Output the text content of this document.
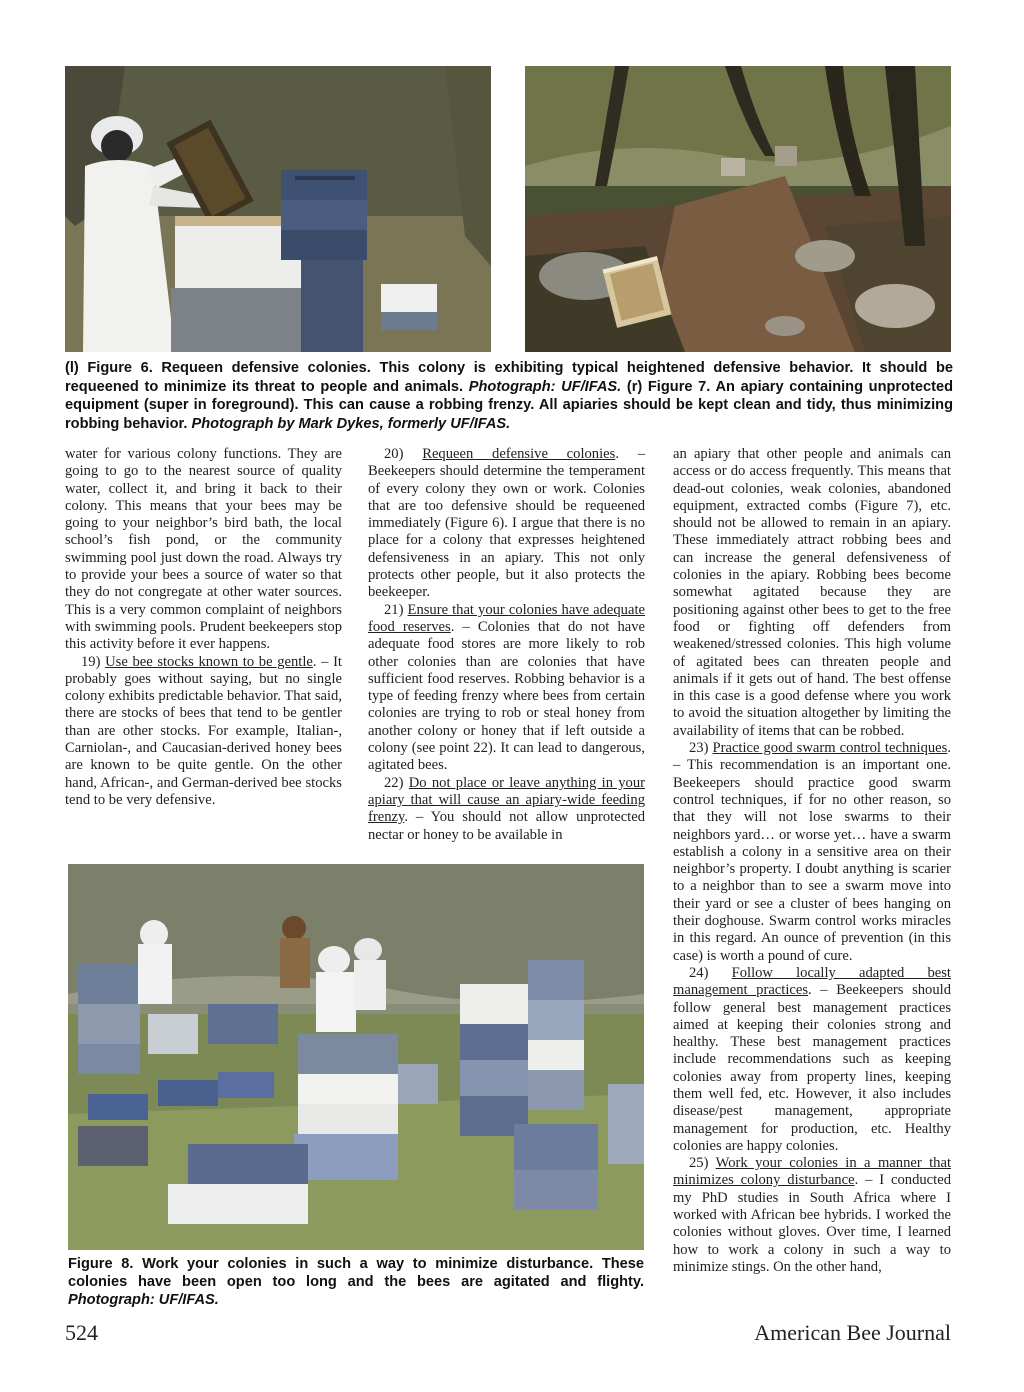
(l) Figure 6. Requeen defensive colonies. This colony is exhibiting typical heightened defensive behavior. It should be requeened to minimize its threat to people and animals. Photograph: UF/IFAS. (r) Figure 7. An apiary containing unprotected equipment (super in foreground). This can cause a robbing frenzy. All apiaries should be kept clean and tidy, thus minimizing robbing behavior. Photograph by Mark Dykes, formerly UF/IFAS.

water for various colony functions. They are going to go to the nearest source of quality water, collect it, and bring it back to their colony. This means that your bees may be going to your neighbor’s bird bath, the local school’s fish pond, or the community swimming pool just down the road. Always try to provide your bees a source of water so that they do not congregate at other water sources. This is a very common complaint of neighbors with swimming pools. Prudent beekeepers stop this activity before it ever happens.

19) Use bee stocks known to be gentle. – It probably goes without saying, but no single colony exhibits predictable behavior. That said, there are stocks of bees that tend to be gentler than are other stocks. For example, Italian-, Carniolan-, and Caucasian-derived honey bees are known to be quite gentle. On the other hand, African-, and German-derived bee stocks tend to be very defensive.

20) Requeen defensive colonies. – Beekeepers should determine the temperament of every colony they own or work. Colonies that are too defensive should be requeened immediately (Figure 6). I argue that there is no place for a colony that expresses heightened defensiveness in an apiary. This not only protects other people, but it also protects the beekeeper.

21) Ensure that your colonies have adequate food reserves. – Colonies that do not have adequate food stores are more likely to rob other colonies than are colonies that have sufficient food reserves. Robbing behavior is a type of feeding frenzy where bees from certain colonies are trying to rob or steal honey from another colony or honey that if left outside a colony (see point 22). It can lead to dangerous, agitated bees.

22) Do not place or leave anything in your apiary that will cause an apiary-wide feeding frenzy. – You should not allow unprotected nectar or honey to be available in

an apiary that other people and animals can access or do access frequently. This means that dead-out colonies, weak colonies, abandoned equipment, extracted combs (Figure 7), etc. should not be allowed to remain in an apiary. These immediately attract robbing bees and can increase the general defensiveness of colonies in the apiary. Robbing bees become somewhat agitated because they are positioning against other bees to get to the free food or fighting off defenders from weakened/stressed colonies. This high volume of agitated bees can threaten people and animals if it gets out of hand. The best offense in this case is a good defense where you work to avoid the situation altogether by limiting the availability of items that can be robbed.

23) Practice good swarm control techniques. – This recommendation is an important one. Beekeepers should practice good swarm control techniques, if for no other reason, so that they will not lose swarms to their neighbors yard… or worse yet… have a swarm establish a colony in a sensitive area on their neighbor’s property. I doubt anything is scarier to a neighbor than to see a swarm move into their yard or see a cluster of bees hanging on their doghouse. Swarm control works miracles in this regard. An ounce of prevention (in this case) is worth a pound of cure.

24) Follow locally adapted best management practices. – Beekeepers should follow general best management practices aimed at keeping their colonies strong and healthy. These best management practices include recommendations such as keeping colonies away from property lines, keeping them well fed, etc. However, it also includes disease/pest management, appropriate management for production, etc. Healthy colonies are happy colonies.

25) Work your colonies in a manner that minimizes colony disturbance. – I conducted my PhD studies in South Africa where I worked with African bee hybrids. I worked the colonies without gloves. Over time, I learned how to work a colony in such a way to minimize stings. On the other hand,

Figure 8. Work your colonies in such a way to minimize disturbance. These colonies have been open too long and the bees are agitated and flighty. Photograph: UF/IFAS.
524	American Bee Journal
